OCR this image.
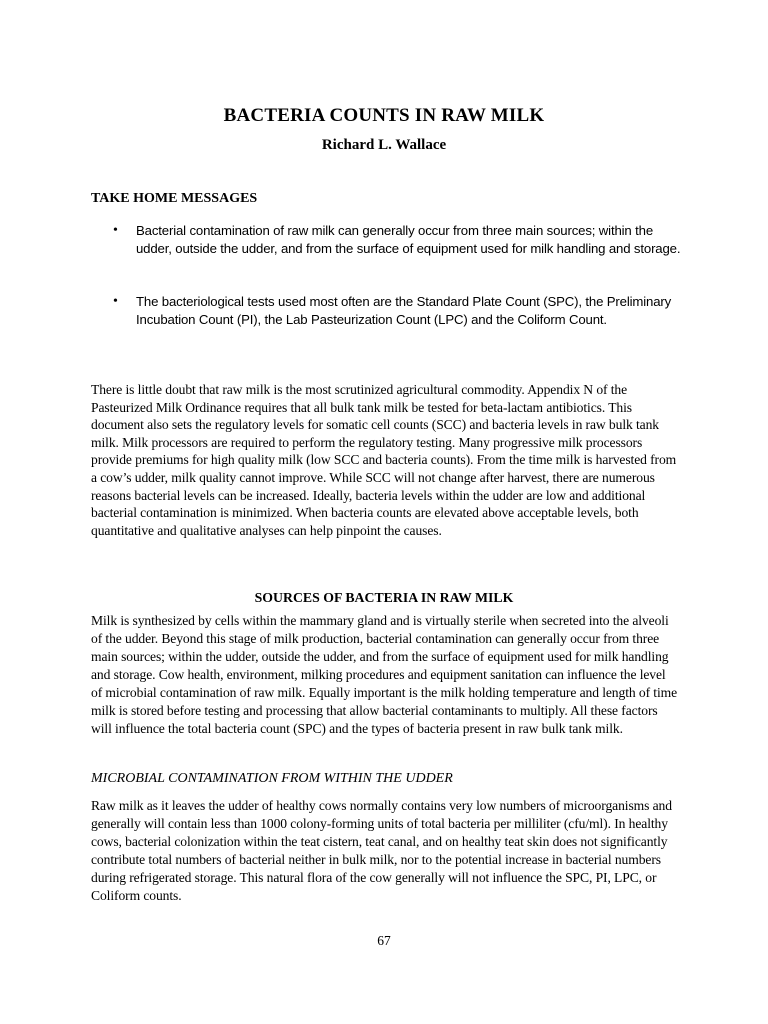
BACTERIA COUNTS IN RAW MILK
Richard L. Wallace
TAKE HOME MESSAGES
• Bacterial contamination of raw milk can generally occur from three main sources; within the udder, outside the udder, and from the surface of equipment used for milk handling and storage.
• The bacteriological tests used most often are the Standard Plate Count (SPC), the Preliminary Incubation Count (PI), the Lab Pasteurization Count (LPC) and the Coliform Count.
There is little doubt that raw milk is the most scrutinized agricultural commodity. Appendix N of the Pasteurized Milk Ordinance requires that all bulk tank milk be tested for beta-lactam antibiotics. This document also sets the regulatory levels for somatic cell counts (SCC) and bacteria levels in raw bulk tank milk. Milk processors are required to perform the regulatory testing. Many progressive milk processors provide premiums for high quality milk (low SCC and bacteria counts). From the time milk is harvested from a cow’s udder, milk quality cannot improve. While SCC will not change after harvest, there are numerous reasons bacterial levels can be increased. Ideally, bacteria levels within the udder are low and additional bacterial contamination is minimized. When bacteria counts are elevated above acceptable levels, both quantitative and qualitative analyses can help pinpoint the causes.
SOURCES OF BACTERIA IN RAW MILK
Milk is synthesized by cells within the mammary gland and is virtually sterile when secreted into the alveoli of the udder. Beyond this stage of milk production, bacterial contamination can generally occur from three main sources; within the udder, outside the udder, and from the surface of equipment used for milk handling and storage. Cow health, environment, milking procedures and equipment sanitation can influence the level of microbial contamination of raw milk. Equally important is the milk holding temperature and length of time milk is stored before testing and processing that allow bacterial contaminants to multiply. All these factors will influence the total bacteria count (SPC) and the types of bacteria present in raw bulk tank milk.
MICROBIAL CONTAMINATION FROM WITHIN THE UDDER
Raw milk as it leaves the udder of healthy cows normally contains very low numbers of microorganisms and generally will contain less than 1000 colony-forming units of total bacteria per milliliter (cfu/ml). In healthy cows, bacterial colonization within the teat cistern, teat canal, and on healthy teat skin does not significantly contribute total numbers of bacterial neither in bulk milk, nor to the potential increase in bacterial numbers during refrigerated storage. This natural flora of the cow generally will not influence the SPC, PI, LPC, or Coliform counts.
67
